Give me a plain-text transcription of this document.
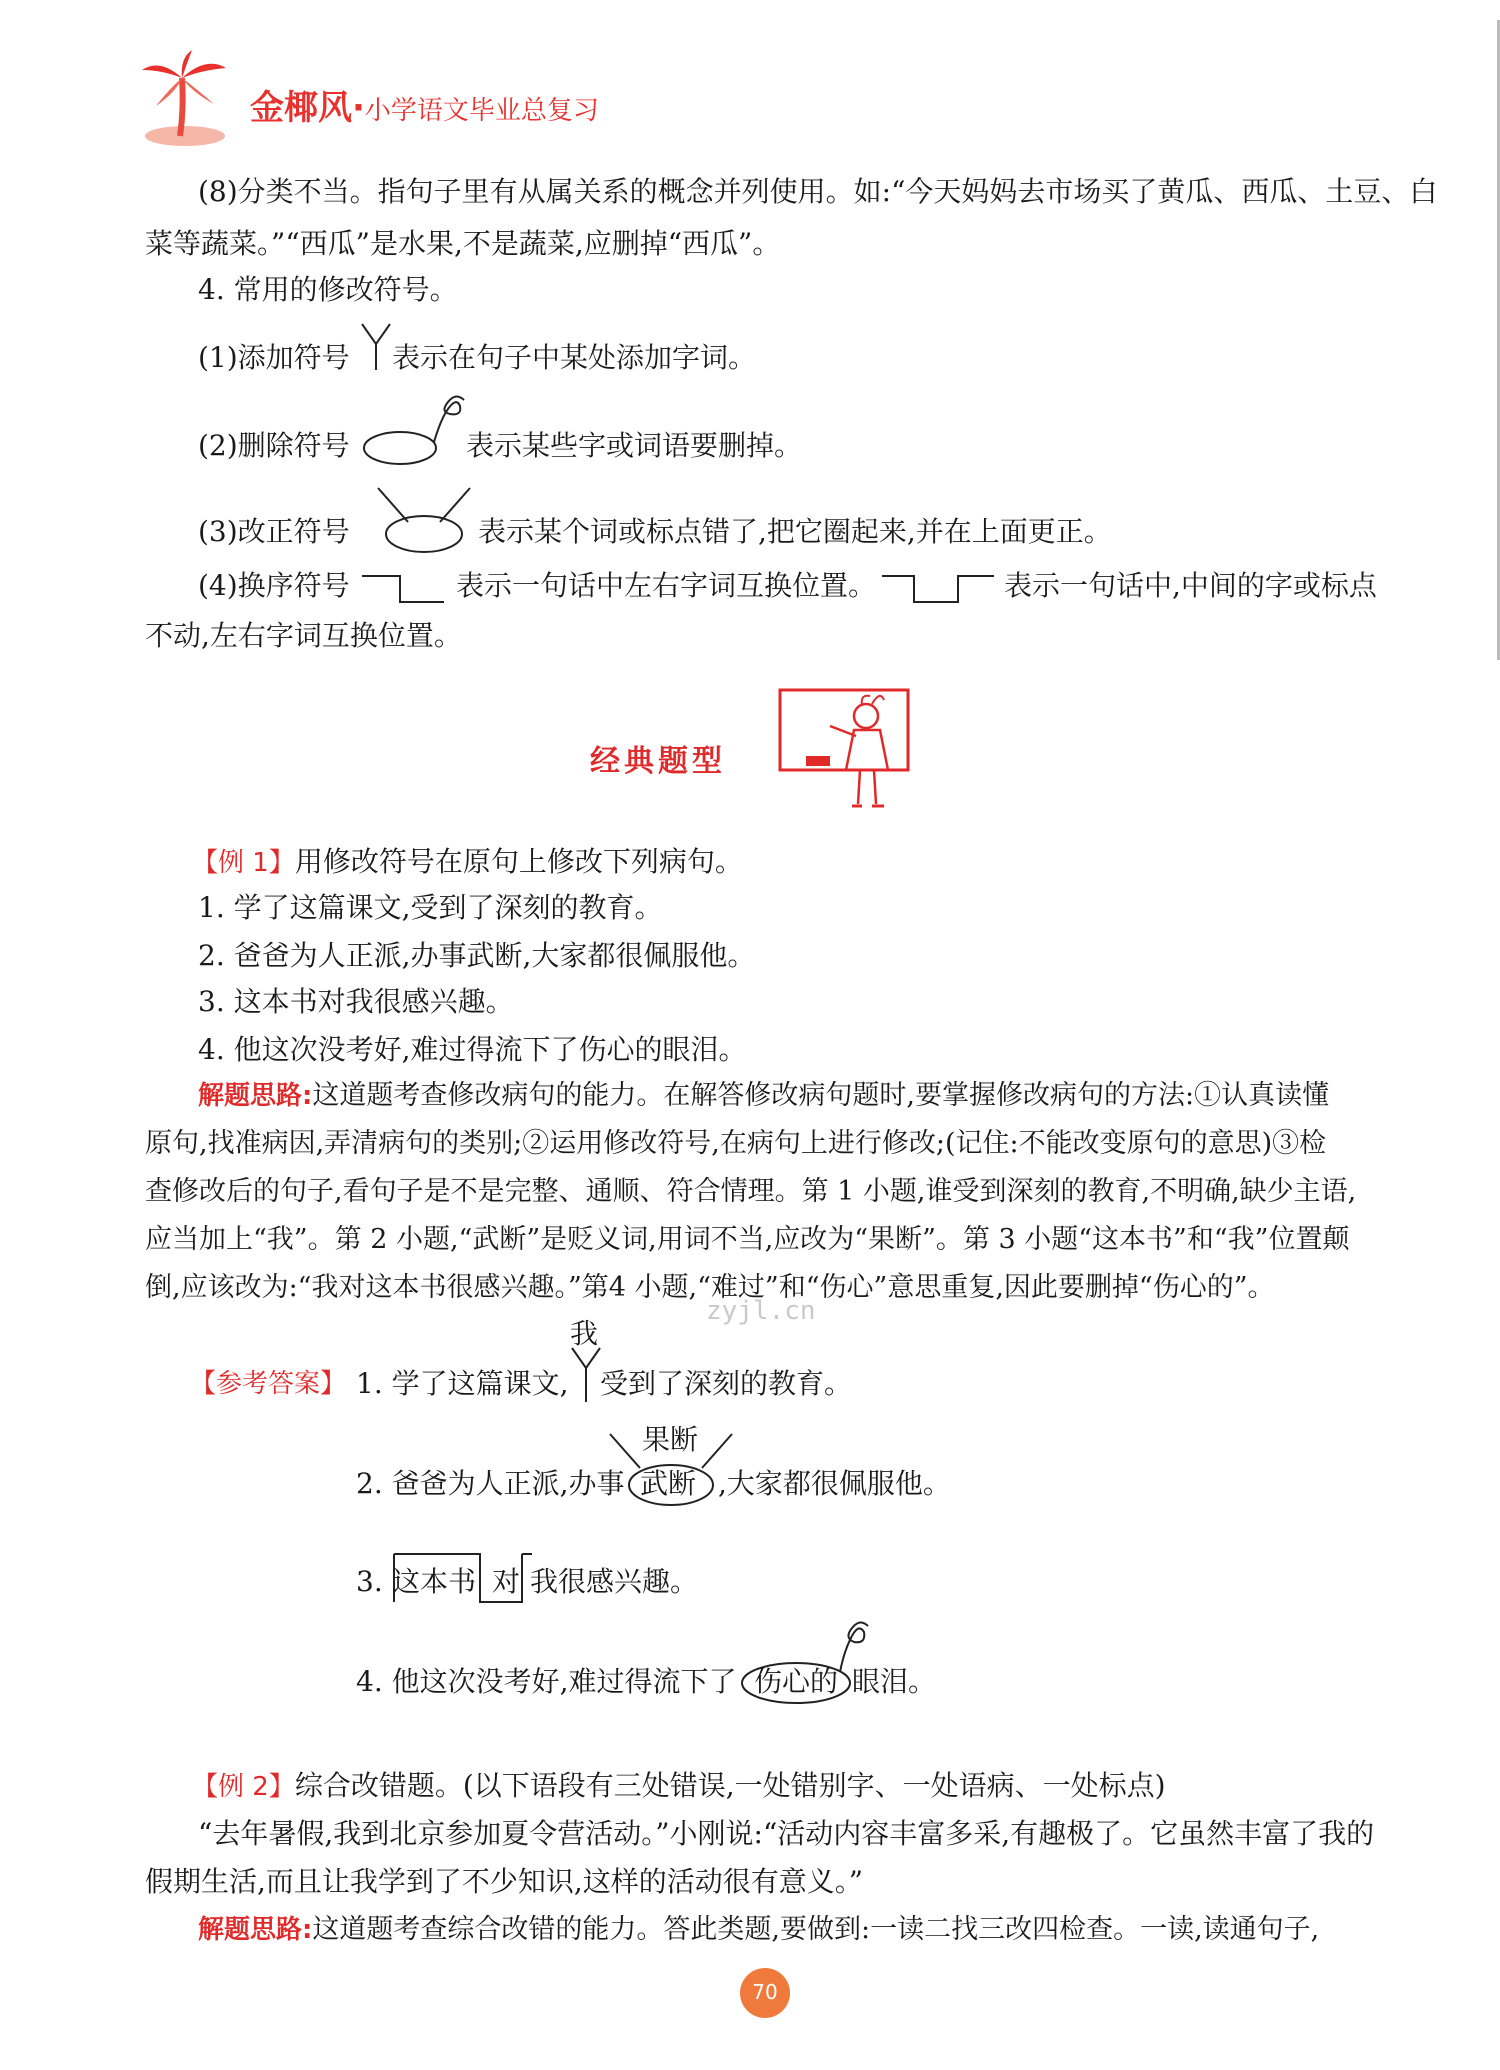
金椰风·小学语文毕业总复习
(8)分类不当。指句子里有从属关系的概念并列使用。如:“今天妈妈去市场买了黄瓜、西瓜、土豆、白
菜等蔬菜。”“西瓜”是水果,不是蔬菜,应删掉“西瓜”。
4. 常用的修改符号。
(1)添加符号 表示在句子中某处添加字词。
(2)删除符号	表示某些字或词语要删掉。
(3)改正符号	表示某个词或标点错了,把它圈起来,并在上面更正。
(4)换序符号	表示一句话中左右字词互换位置。	表示一句话中,中间的字或标点
不动,左右字词互换位置。
经典题型
【例 1】用修改符号在原句上修改下列病句。
1. 学了这篇课文,受到了深刻的教育。
2. 爸爸为人正派,办事武断,大家都很佩服他。
3. 这本书对我很感兴趣。
4. 他这次没考好,难过得流下了伤心的眼泪。
解题思路:这道题考查修改病句的能力。在解答修改病句题时,要掌握修改病句的方法:①认真读懂
原句,找准病因,弄清病句的类别;②运用修改符号,在病句上进行修改;(记住:不能改变原句的意思)③检
查修改后的句子,看句子是不是完整、通顺、符合情理。第 1 小题,谁受到深刻的教育,不明确,缺少主语,
应当加上“我”。第 2 小题,“武断”是贬义词,用词不当,应改为“果断”。第 3 小题“这本书”和“我”位置颠
倒,应该改为:“我对这本书很感兴趣。”第4 小题,“难过”和“伤心”意思重复,因此要删掉“伤心的”。
zyjl.cn
【参考答案】 1. 学了这篇课文,
我
受到了深刻的教育。
果断
2. 爸爸为人正派,办事 武断 ,大家都很佩服他。
3. 这本书 对 我很感兴趣。
4. 他这次没考好,难过得流下了 伤心的 眼泪。
【例 2】综合改错题。(以下语段有三处错误,一处错别字、一处语病、一处标点)
“去年暑假,我到北京参加夏令营活动。”小刚说:“活动内容丰富多采,有趣极了。它虽然丰富了我的
假期生活,而且让我学到了不少知识,这样的活动很有意义。”
解题思路:这道题考查综合改错的能力。答此类题,要做到:一读二找三改四检查。一读,读通句子,
70
